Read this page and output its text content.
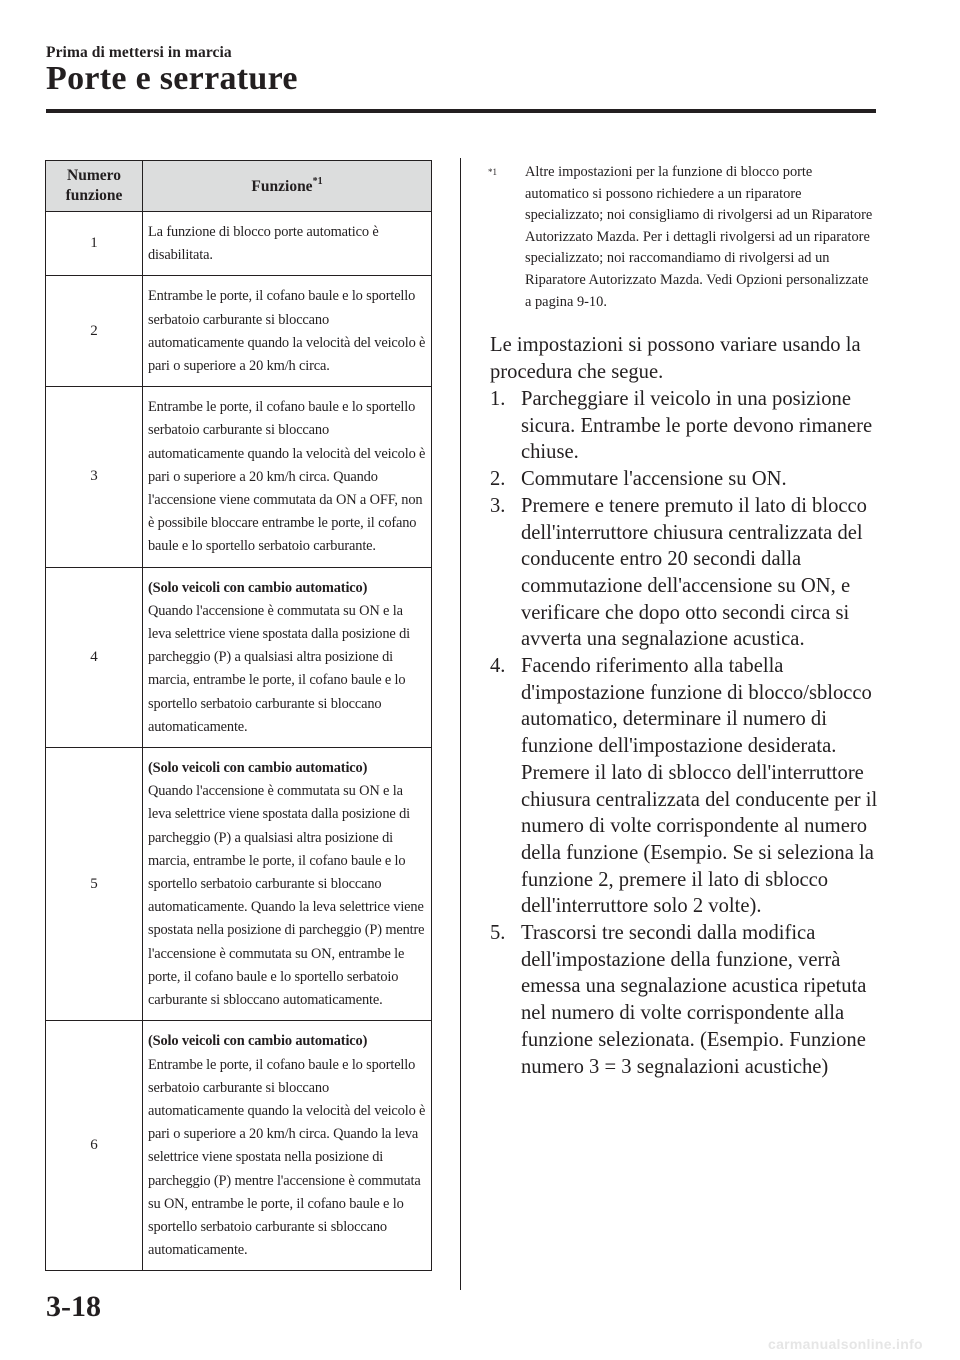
Prima di mettersi in marcia
Porte e serrature
Numero funzione	Funzione$^{*1}$
1	La funzione di blocco porte automatico è disabilitata.
2	Entrambe le porte, il cofano baule e lo sportello serbatoio carburante si bloccano automaticamente quando la velocità del veicolo è pari o superiore a 20 km/h circa.
3	Entrambe le porte, il cofano baule e lo sportello serbatoio carburante si bloccano automaticamente quando la velocità del veicolo è pari o superiore a 20 km/h circa. Quando l'accensione viene commutata da ON a OFF, non è possibile bloccare entrambe le porte, il cofano baule e lo sportello serbatoio carburante.
4	(Solo veicoli con cambio automatico)
Quando l'accensione è commutata su ON e la leva selettrice viene spostata dalla posizione di parcheggio (P) a qualsiasi altra posizione di marcia, entrambe le porte, il cofano baule e lo sportello serbatoio carburante si bloccano automaticamente.
5	(Solo veicoli con cambio automatico)
Quando l'accensione è commutata su ON e la leva selettrice viene spostata dalla posizione di parcheggio (P) a qualsiasi altra posizione di marcia, entrambe le porte, il cofano baule e lo sportello serbatoio carburante si bloccano automaticamente. Quando la leva selettrice viene spostata nella posizione di parcheggio (P) mentre l'accensione è commutata su ON, entrambe le porte, il cofano baule e lo sportello serbatoio carburante si sbloccano automaticamente.
6	(Solo veicoli con cambio automatico)
Entrambe le porte, il cofano baule e lo sportello serbatoio carburante si bloccano automaticamente quando la velocità del veicolo è pari o superiore a 20 km/h circa. Quando la leva selettrice viene spostata nella posizione di parcheggio (P) mentre l'accensione è commutata su ON, entrambe le porte, il cofano baule e lo sportello serbatoio carburante si sbloccano automaticamente.
$^{*1}$ Altre impostazioni per la funzione di blocco porte automatico si possono richiedere a un riparatore specializzato; noi consigliamo di rivolgersi ad un Riparatore Autorizzato Mazda. Per i dettagli rivolgersi ad un riparatore specializzato; noi raccomandiamo di rivolgersi ad un Riparatore Autorizzato Mazda. Vedi Opzioni personalizzate a pagina 9-10.

Le impostazioni si possono variare usando la procedura che segue.

1. Parcheggiare il veicolo in una posizione sicura. Entrambe le porte devono rimanere chiuse.
2. Commutare l'accensione su ON.
3. Premere e tenere premuto il lato di blocco dell'interruttore chiusura centralizzata del conducente entro 20 secondi dalla commutazione dell'accensione su ON, e verificare che dopo otto secondi circa si avverta una segnalazione acustica.
4. Facendo riferimento alla tabella d'impostazione funzione di blocco/sblocco automatico, determinare il numero di funzione dell'impostazione desiderata. Premere il lato di sblocco dell'interruttore chiusura centralizzata del conducente per il numero di volte corrispondente al numero della funzione (Esempio. Se si seleziona la funzione 2, premere il lato di sblocco dell'interruttore solo 2 volte).
5. Trascorsi tre secondi dalla modifica dell'impostazione della funzione, verrà emessa una segnalazione acustica ripetuta nel numero di volte corrispondente alla funzione selezionata. (Esempio. Funzione numero 3 = 3 segnalazioni acustiche)
3-18
carmanualsonline.info
